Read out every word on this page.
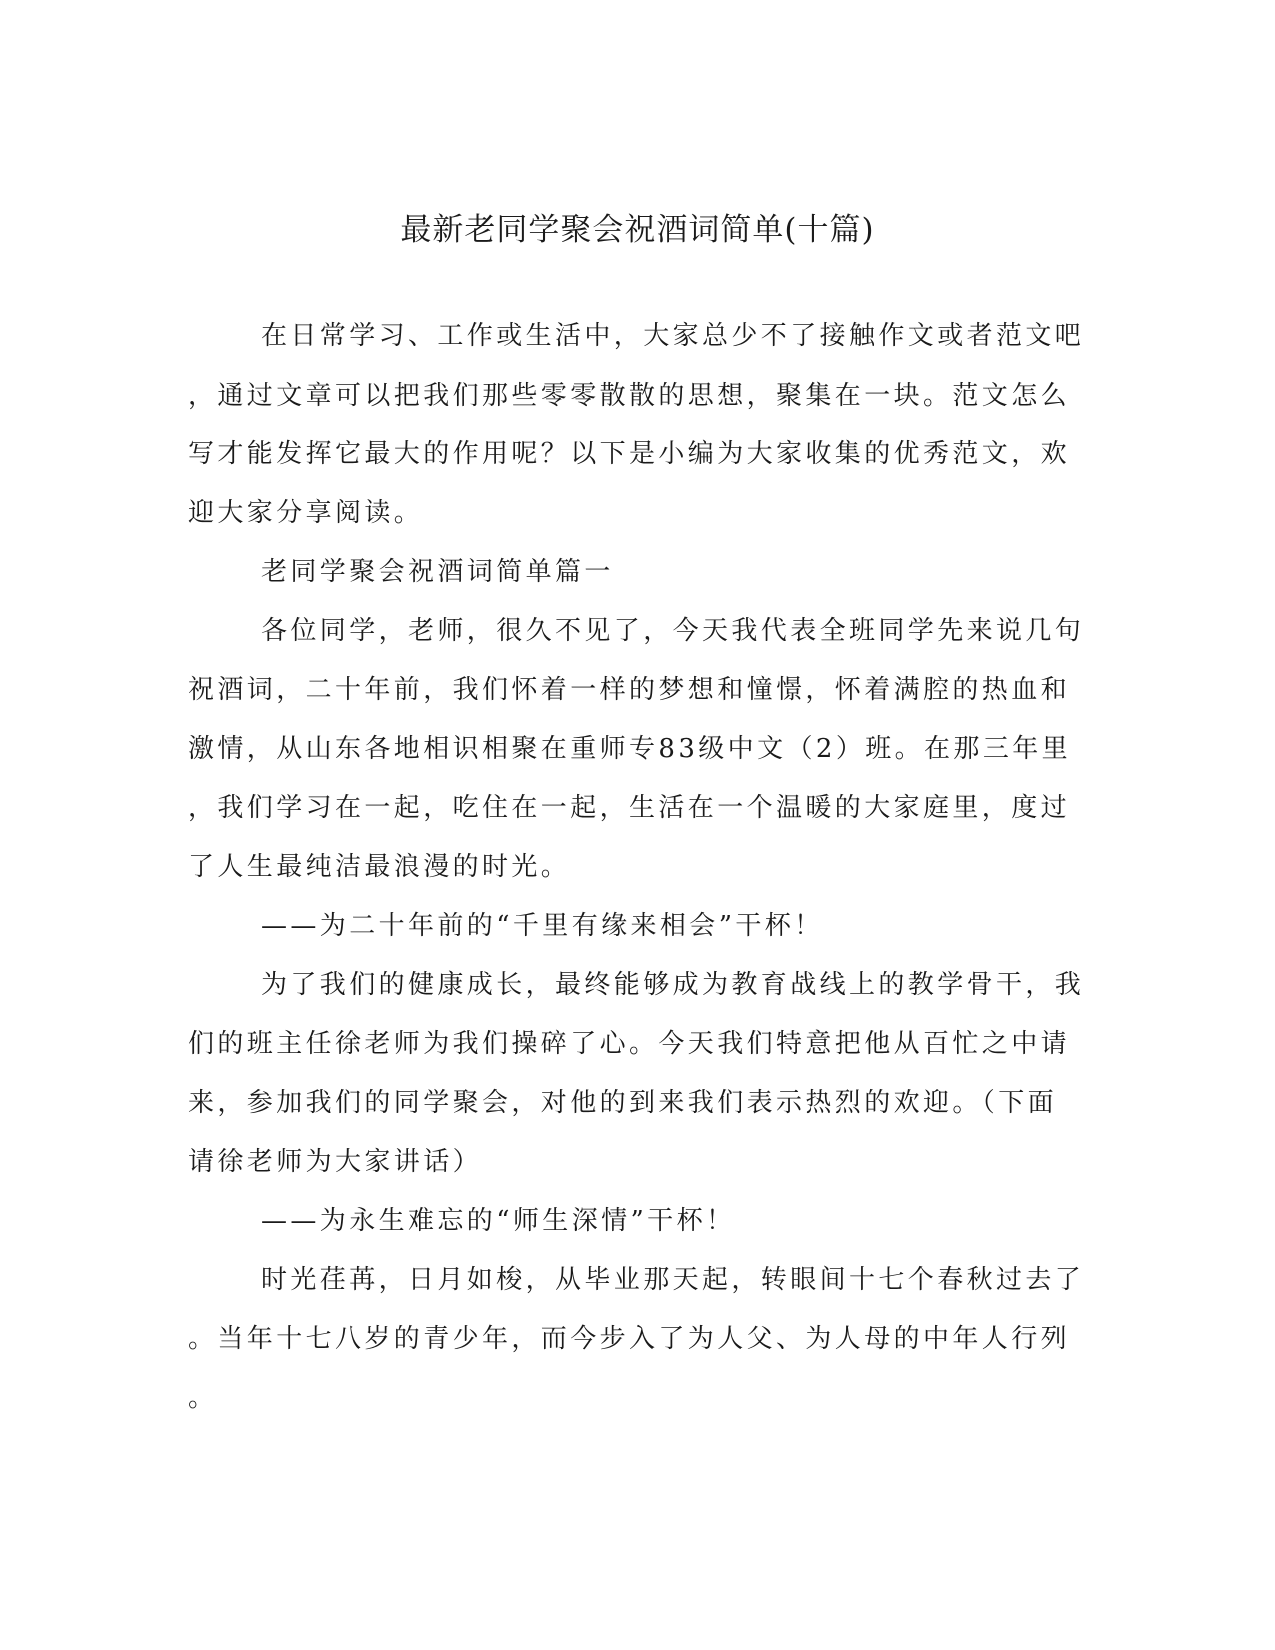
最新老同学聚会祝酒词简单(十篇)
在日常学习、工作或生活中，大家总少不了接触作文或者范文吧
，通过文章可以把我们那些零零散散的思想，聚集在一块。范文怎么
写才能发挥它最大的作用呢？以下是小编为大家收集的优秀范文，欢
迎大家分享阅读。
老同学聚会祝酒词简单篇一
各位同学，老师，很久不见了，今天我代表全班同学先来说几句
祝酒词，二十年前，我们怀着一样的梦想和憧憬，怀着满腔的热血和
激情，从山东各地相识相聚在重师专83级中文（2）班。在那三年里
，我们学习在一起，吃住在一起，生活在一个温暖的大家庭里，度过
了人生最纯洁最浪漫的时光。
——为二十年前的“千里有缘来相会”干杯！
为了我们的健康成长，最终能够成为教育战线上的教学骨干，我
们的班主任徐老师为我们操碎了心。今天我们特意把他从百忙之中请
来，参加我们的同学聚会，对他的到来我们表示热烈的欢迎。（下面
请徐老师为大家讲话）
——为永生难忘的“师生深情”干杯！
时光荏苒，日月如梭，从毕业那天起，转眼间十七个春秋过去了
。当年十七八岁的青少年，而今步入了为人父、为人母的中年人行列
。
